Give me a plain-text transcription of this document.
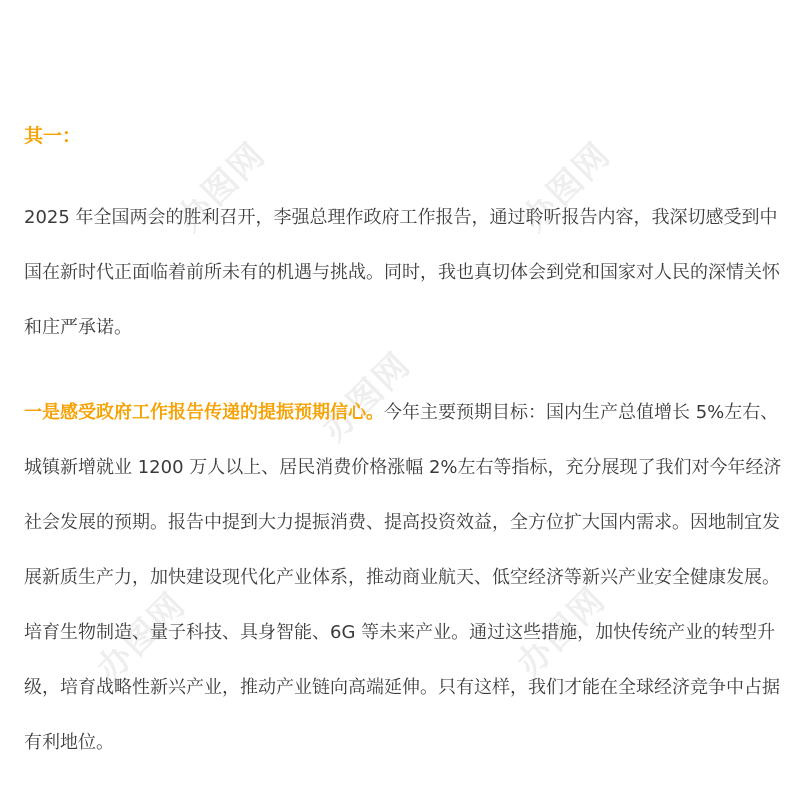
办图网	办图网
办图网
办图网	办图网
其一：

2025 年全国两会的胜利召开，李强总理作政府工作报告，通过聆听报告内容，我深切感受到中国在新时代正面临着前所未有的机遇与挑战。同时，我也真切体会到党和国家对人民的深情关怀和庄严承诺。

一是感受政府工作报告传递的提振预期信心。今年主要预期目标：国内生产总值增长 5%左右、城镇新增就业 1200 万人以上、居民消费价格涨幅 2%左右等指标，充分展现了我们对今年经济社会发展的预期。报告中提到大力提振消费、提高投资效益，全方位扩大国内需求。因地制宜发展新质生产力，加快建设现代化产业体系，推动商业航天、低空经济等新兴产业安全健康发展。培育生物制造、量子科技、具身智能、6G 等未来产业。通过这些措施，加快传统产业的转型升级，培育战略性新兴产业，推动产业链向高端延伸。只有这样，我们才能在全球经济竞争中占据有利地位。
